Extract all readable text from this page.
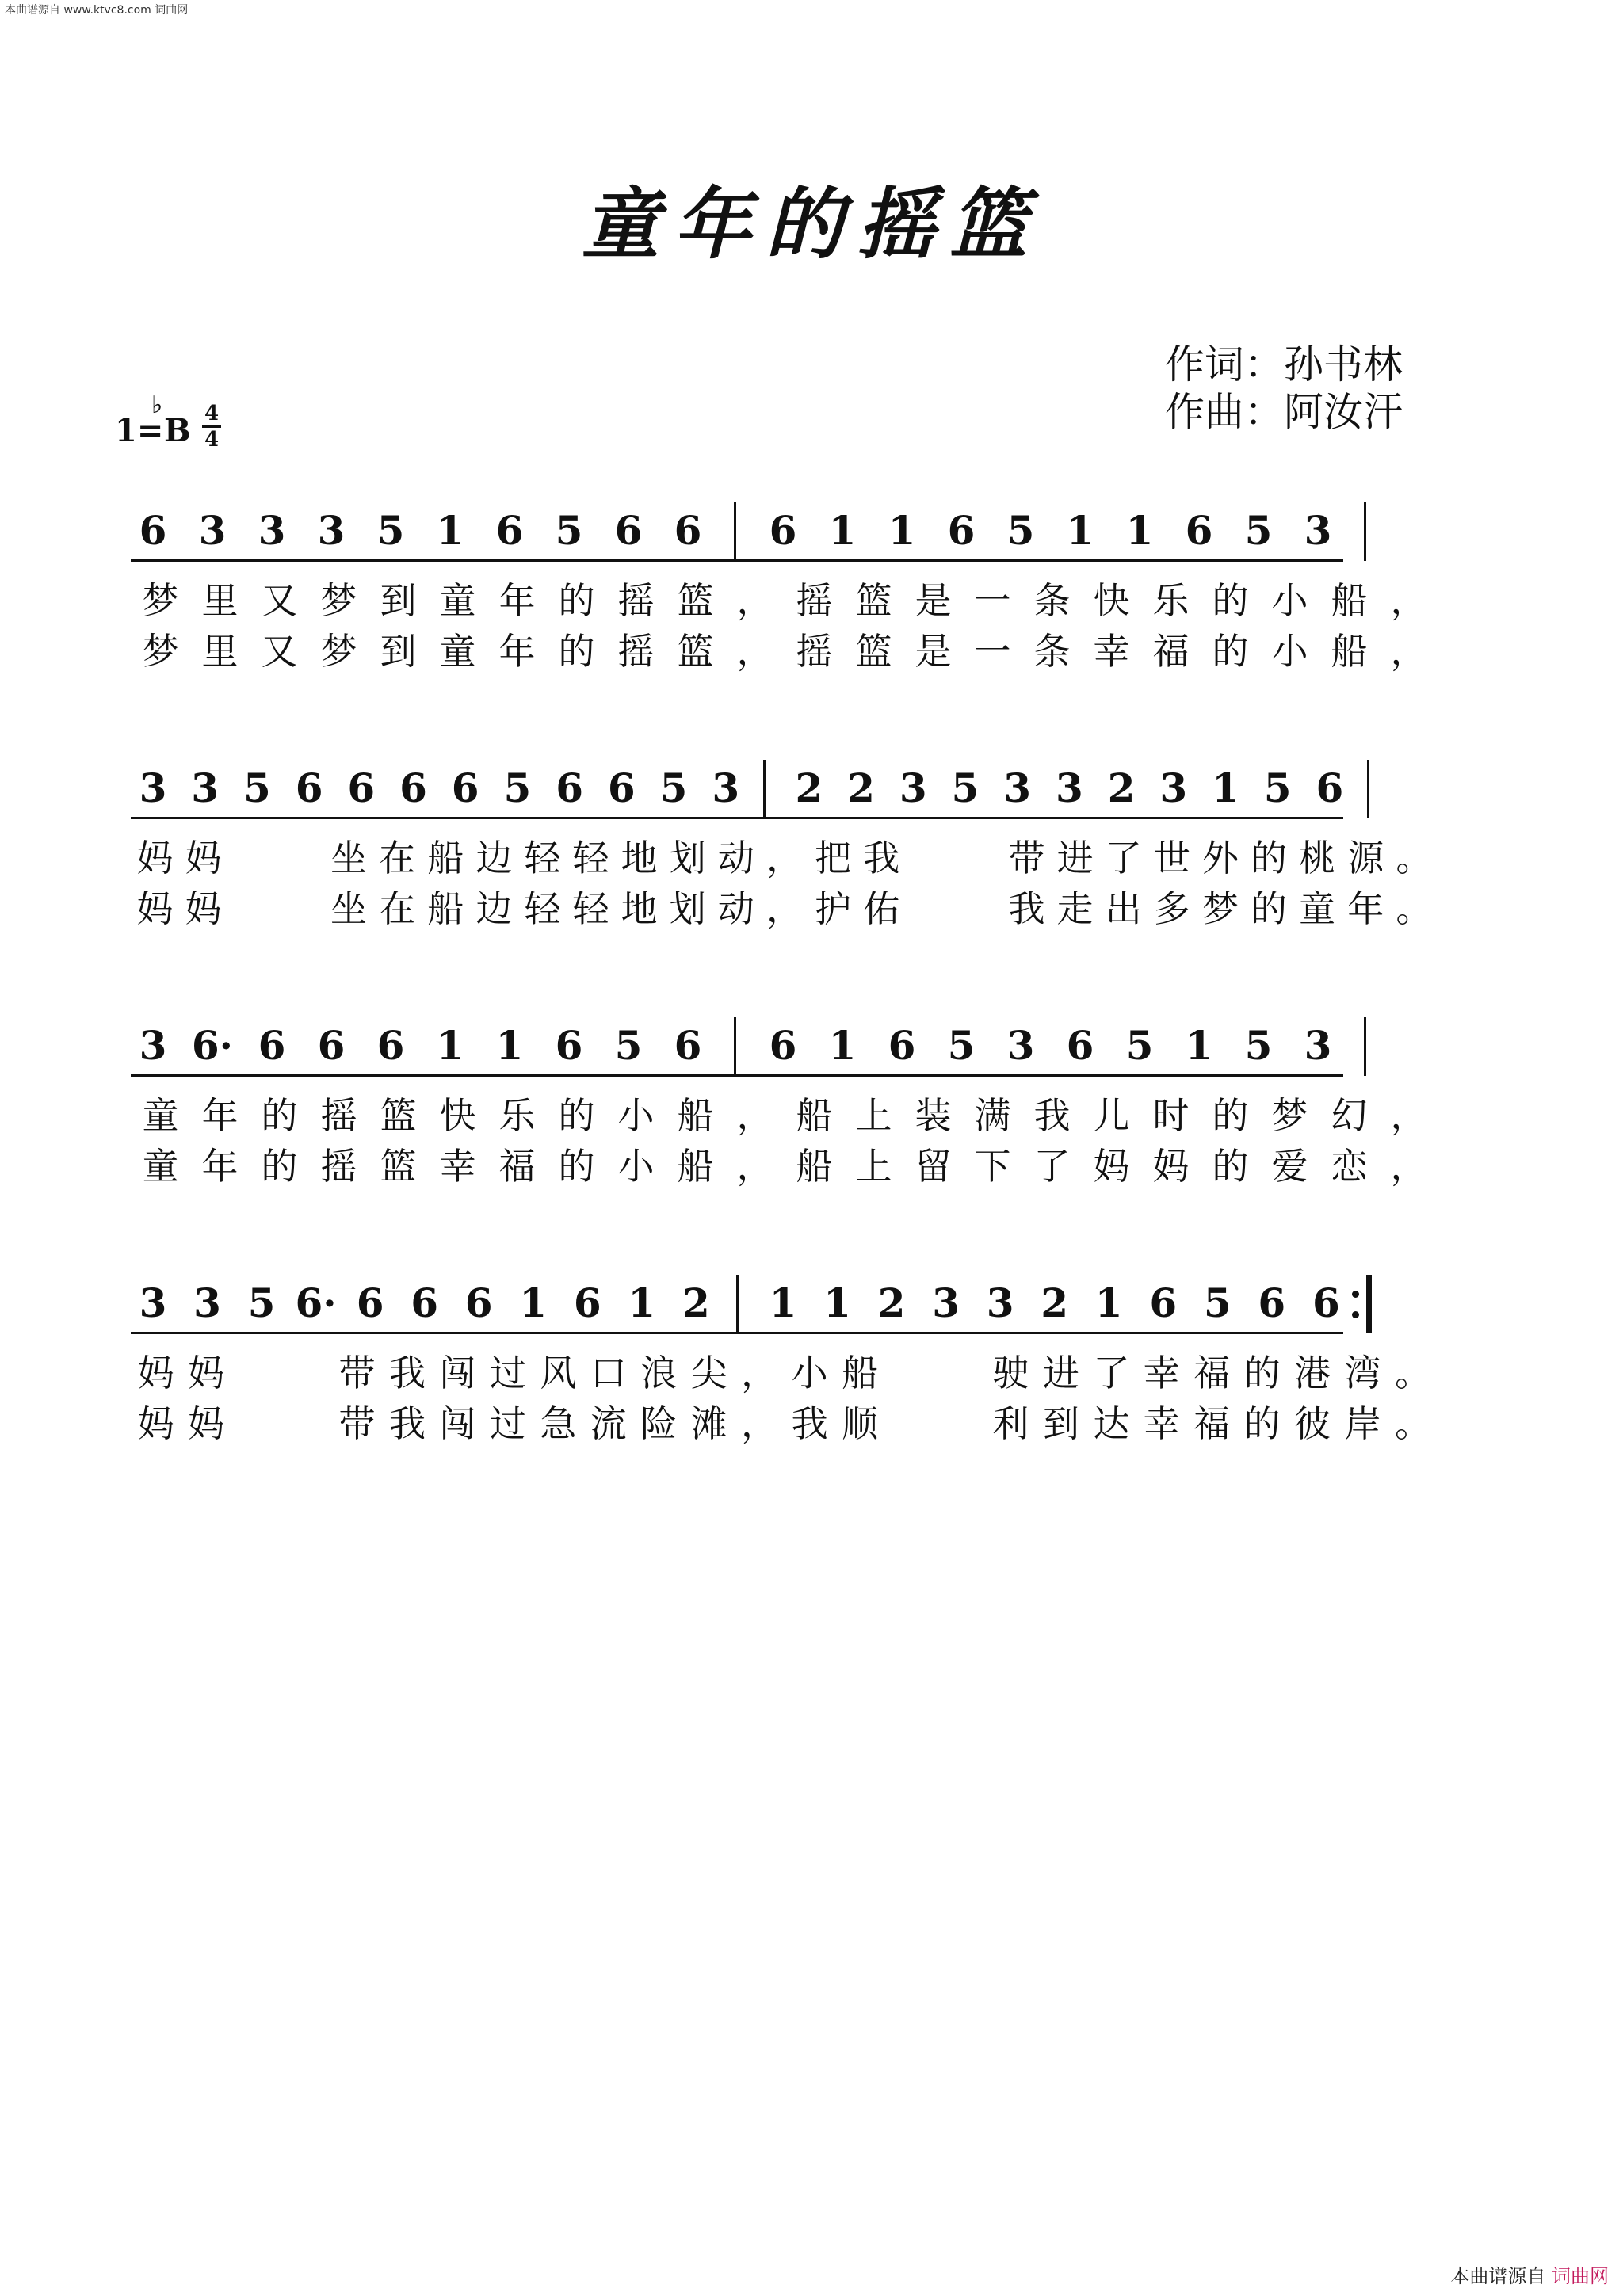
本曲谱源自 www.ktvc8.com 词曲网
童年的摇篮
作词：孙书林
作曲：阿汝汗
1=
♭
B 4
4
6 3 3 3 5 1 6 5 6 6 6 1 1 6 5 1 1 6 5 3
梦 里 又 梦 到 童 年 的 摇 篮 ， 摇 篮 是 一 条 快 乐 的 小 船 ，
梦 里 又 梦 到 童 年 的 摇 篮 ， 摇 篮 是 一 条 幸 福 的 小 船 ，
3 3 5 6 6 6 6 5 6 6 5 3 2 2 3 5 3 3 2 3 1 5 6
妈 妈	坐 在 船 边 轻 轻 地 划 动 ， 把 我	带 进 了 世 外 的 桃 源 。
妈 妈	坐 在 船 边 轻 轻 地 划 动 ， 护 佑	我 走 出 多 梦 的 童 年 。
3 6· 6 6 6 1 1 6 5 6 6 1 6 5 3 6 5 1 5 3
童 年 的 摇 篮 快 乐 的 小 船 ， 船 上 装 满 我 儿 时 的 梦 幻 ，
童 年 的 摇 篮 幸 福 的 小 船 ， 船 上 留 下 了 妈 妈 的 爱 恋 ，
3 3 5 6· 6 6 6 1 6 1 2 1 1 2 3 3 2 1 6 5 6 6
妈 妈	带 我 闯 过 风 口 浪 尖 ， 小 船	驶 进 了 幸 福 的 港 湾 。
妈 妈	带 我 闯 过 急 流 险 滩 ， 我 顺	利 到 达 幸 福 的 彼 岸 。
本曲谱源自 词曲网
